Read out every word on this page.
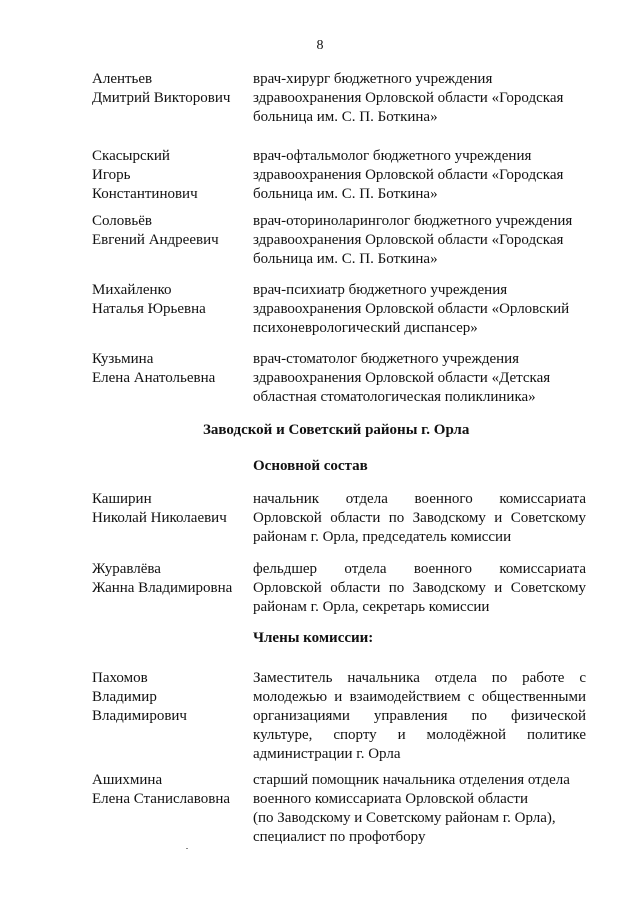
8
Алентьев
Дмитрий Викторович
врач-хирург бюджетного учреждения
здравоохранения Орловской области «Городская
больница им. С. П. Боткина»
Скасырский
Игорь
Константинович
врач-офтальмолог бюджетного учреждения
здравоохранения Орловской области «Городская
больница им. С. П. Боткина»
Соловьёв
Евгений Андреевич
врач-оториноларинголог бюджетного учреждения
здравоохранения Орловской области «Городская
больница им. С. П. Боткина»
Михайленко
Наталья Юрьевна
врач-психиатр бюджетного учреждения
здравоохранения Орловской области «Орловский
психоневрологический диспансер»
Кузьмина
Елена Анатольевна
врач-стоматолог бюджетного учреждения
здравоохранения Орловской области «Детская
областная стоматологическая поликлиника»
Заводской и Советский районы г. Орла
Основной состав
Каширин
Николай Николаевич
начальник отдела военного комиссариата
Орловской области по Заводскому и Советскому
районам г. Орла, председатель комиссии
Журавлёва
Жанна Владимировна
фельдшер отдела военного комиссариата
Орловской области по Заводскому и Советскому
районам г. Орла, секретарь комиссии
Члены комиссии:
Пахомов
Владимир
Владимирович
Заместитель начальника отдела по работе с
молодежью и взаимодействием с общественными
организациями управления по физической
культуре, спорту и молодёжной политике
администрации г. Орла
Ашихмина
Елена Станиславовна
старший помощник начальника отделения отдела
военного комиссариата Орловской области
(по Заводскому и Советскому районам г. Орла),
специалист по профотбору
